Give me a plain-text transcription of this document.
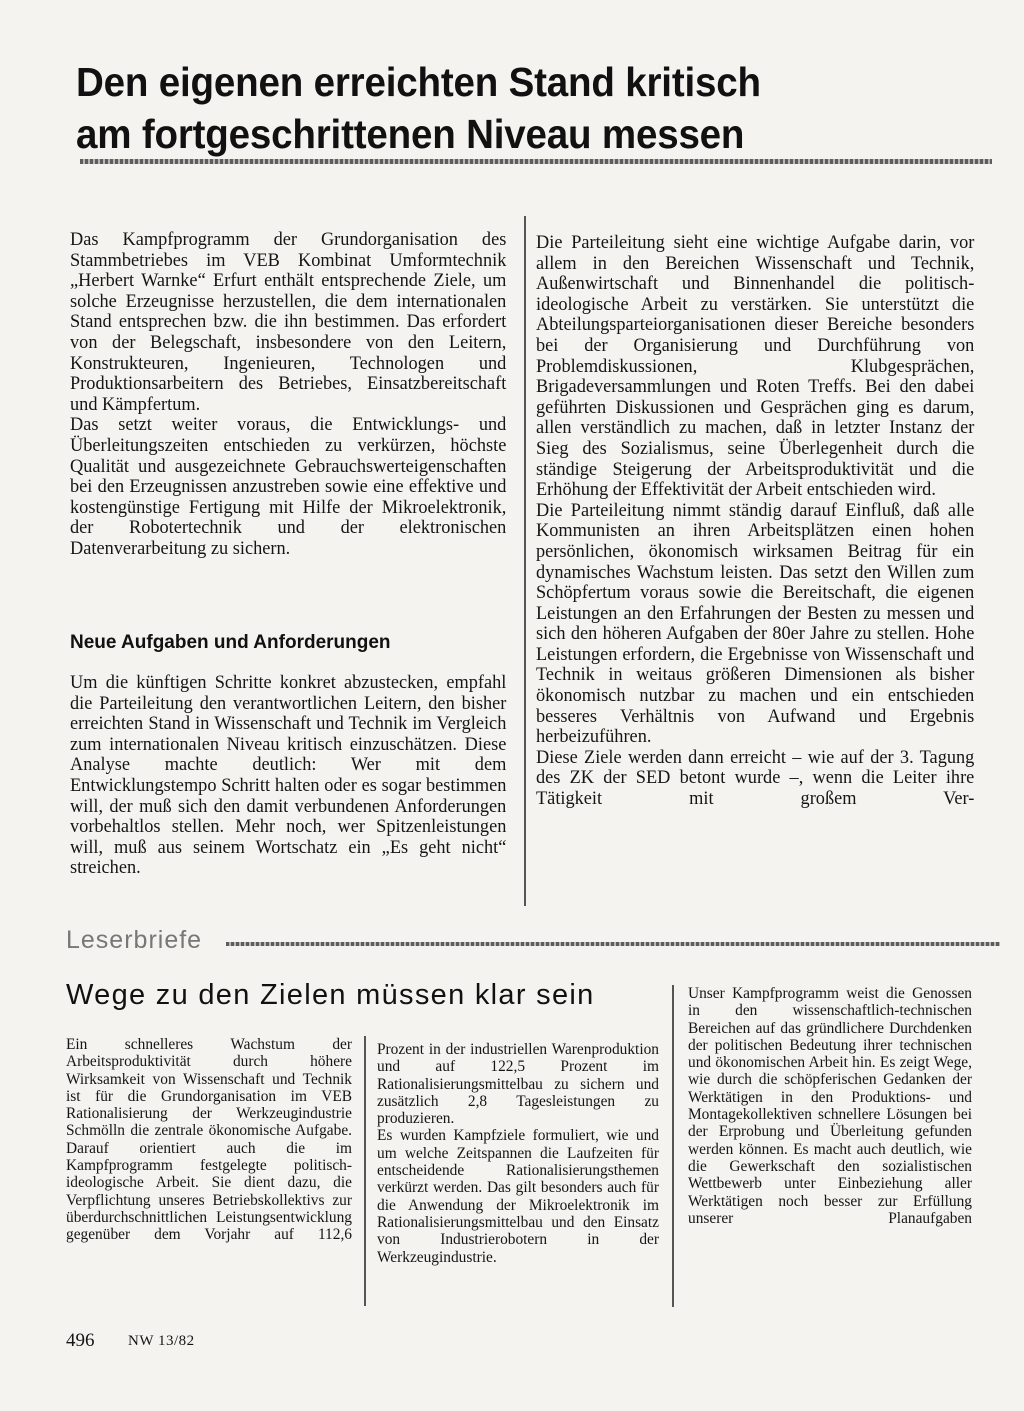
Den eigenen erreichten Stand kritisch
am fortgeschrittenen Niveau messen

Das Kampfprogramm der Grundorganisation des Stammbetriebes im VEB Kombinat Umformtechnik „Herbert Warnke“ Erfurt enthält entsprechende Ziele, um solche Erzeugnisse herzustellen, die dem internationalen Stand entsprechen bzw. die ihn bestimmen. Das erfordert von der Belegschaft, insbesondere von den Leitern, Konstrukteuren, Ingenieuren, Technologen und Produktionsarbeitern des Betriebes, Einsatzbereitschaft und Kämpfertum.

Das setzt weiter voraus, die Entwicklungs- und Überleitungszeiten entschieden zu verkürzen, höchste Qualität und ausgezeichnete Gebrauchswerteigenschaften bei den Erzeugnissen anzustreben sowie eine effektive und kostengünstige Fertigung mit Hilfe der Mikroelektronik, der Robotertechnik und der elektronischen Datenverarbeitung zu sichern.

Neue Aufgaben und Anforderungen

Um die künftigen Schritte konkret abzustecken, empfahl die Parteileitung den verantwortlichen Leitern, den bisher erreichten Stand in Wissenschaft und Technik im Vergleich zum internationalen Niveau kritisch einzuschätzen. Diese Analyse machte deutlich: Wer mit dem Entwicklungstempo Schritt halten oder es sogar bestimmen will, der muß sich den damit verbundenen Anforderungen vorbehaltlos stellen. Mehr noch, wer Spitzenleistungen will, muß aus seinem Wortschatz ein „Es geht nicht“ streichen.

Die Parteileitung sieht eine wichtige Aufgabe darin, vor allem in den Bereichen Wissenschaft und Technik, Außenwirtschaft und Binnenhandel die politisch-ideologische Arbeit zu verstärken. Sie unterstützt die Abteilungsparteiorganisationen dieser Bereiche besonders bei der Organisierung und Durchführung von Problemdiskussionen, Klubgesprächen, Brigadeversammlungen und Roten Treffs. Bei den dabei geführten Diskussionen und Gesprächen ging es darum, allen verständlich zu machen, daß in letzter Instanz der Sieg des Sozialismus, seine Überlegenheit durch die ständige Steigerung der Arbeitsproduktivität und die Erhöhung der Effektivität der Arbeit entschieden wird.

Die Parteileitung nimmt ständig darauf Einfluß, daß alle Kommunisten an ihren Arbeitsplätzen einen hohen persönlichen, ökonomisch wirksamen Beitrag für ein dynamisches Wachstum leisten. Das setzt den Willen zum Schöpfertum voraus sowie die Bereitschaft, die eigenen Leistungen an den Erfahrungen der Besten zu messen und sich den höheren Aufgaben der 80er Jahre zu stellen. Hohe Leistungen erfordern, die Ergebnisse von Wissenschaft und Technik in weitaus größeren Dimensionen als bisher ökonomisch nutzbar zu machen und ein entschieden besseres Verhältnis von Aufwand und Ergebnis herbeizuführen.

Diese Ziele werden dann erreicht – wie auf der 3. Tagung des ZK der SED betont wurde –, wenn die Leiter ihre Tätigkeit mit großem Ver-

Leserbriefe
Wege zu den Zielen müssen klar sein

Ein schnelleres Wachstum der Arbeitsproduktivität durch höhere Wirksamkeit von Wissenschaft und Technik ist für die Grundorganisation im VEB Rationalisierung der Werkzeugindustrie Schmölln die zentrale ökonomische Aufgabe. Darauf orientiert auch die im Kampfprogramm festgelegte politisch-ideologische Arbeit. Sie dient dazu, die Verpflichtung unseres Betriebskollektivs zur überdurchschnittlichen Leistungsentwicklung gegenüber dem Vorjahr auf 112,6

Prozent in der industriellen Warenproduktion und auf 122,5 Prozent im Rationalisierungsmittelbau zu sichern und zusätzlich 2,8 Tagesleistungen zu produzieren.

Es wurden Kampfziele formuliert, wie und um welche Zeitspannen die Laufzeiten für entscheidende Rationalisierungsthemen verkürzt werden. Das gilt besonders auch für die Anwendung der Mikroelektronik im Rationalisierungsmittelbau und den Einsatz von Industrierobotern in der Werkzeugindustrie.

Unser Kampfprogramm weist die Genossen in den wissenschaftlich-technischen Bereichen auf das gründlichere Durchdenken der politischen Bedeutung ihrer technischen und ökonomischen Arbeit hin. Es zeigt Wege, wie durch die schöpferischen Gedanken der Werktätigen in den Produktions- und Montagekollektiven schnellere Lösungen bei der Erprobung und Überleitung gefunden werden können. Es macht auch deutlich, wie die Gewerkschaft den sozialistischen Wettbewerb unter Einbeziehung aller Werktätigen noch besser zur Erfüllung unserer Planaufgaben

496 NW 13/82
